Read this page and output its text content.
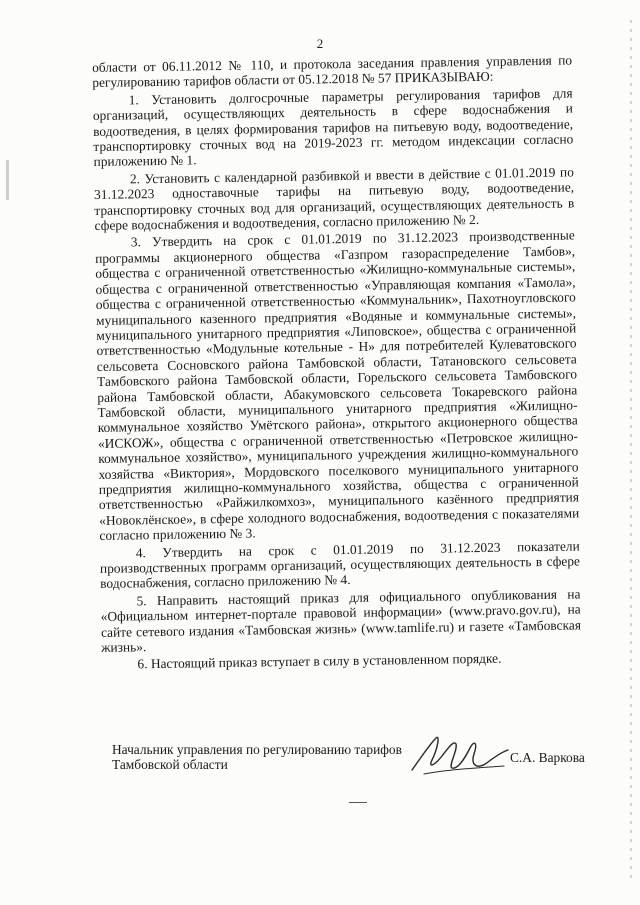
2

области от 06.11.2012 № 110, и протокола заседания правления управления по регулированию тарифов области от 05.12.2018 № 57 ПРИКАЗЫВАЮ:

1. Установить долгосрочные параметры регулирования тарифов для организаций, осуществляющих деятельность в сфере водоснабжения и водоотведения, в целях формирования тарифов на питьевую воду, водоотведение, транспортировку сточных вод на 2019-2023 гг. методом индексации согласно приложению № 1.

2. Установить с календарной разбивкой и ввести в действие с 01.01.2019 по 31.12.2023 одноставочные тарифы на питьевую воду, водоотведение, транспортировку сточных вод для организаций, осуществляющих деятельность в сфере водоснабжения и водоотведения, согласно приложению № 2.

3. Утвердить на срок с 01.01.2019 по 31.12.2023 производственные программы акционерного общества «Газпром газораспределение Тамбов», общества с ограниченной ответственностью «Жилищно-коммунальные системы», общества с ограниченной ответственностью «Управляющая компания «Тамола», общества с ограниченной ответственностью «Коммунальник», Пахотноугловского муниципального казенного предприятия «Водяные и коммунальные системы», муниципального унитарного предприятия «Липовское», общества с ограниченной ответственностью «Модульные котельные - Н» для потребителей Кулеватовского сельсовета Сосновского района Тамбовской области, Татановского сельсовета Тамбовского района Тамбовской области, Горельского сельсовета Тамбовского района Тамбовской области, Абакумовского сельсовета Токаревского района Тамбовской области, муниципального унитарного предприятия «Жилищно-коммунальное хозяйство Умётского района», открытого акционерного общества «ИСКОЖ», общества с ограниченной ответственностью «Петровское жилищно-коммунальное хозяйство», муниципального учреждения жилищно-коммунального хозяйства «Виктория», Мордовского поселкового муниципального унитарного предприятия жилищно-коммунального хозяйства, общества с ограниченной ответственностью «Райжилкомхоз», муниципального казённого предприятия «Новоклёнское», в сфере холодного водоснабжения, водоотведения с показателями согласно приложению № 3.

4. Утвердить на срок с 01.01.2019 по 31.12.2023 показатели производственных программ организаций, осуществляющих деятельность в сфере водоснабжения, согласно приложению № 4.

5. Направить настоящий приказ для официального опубликования на «Официальном интернет-портале правовой информации» (www.pravo.gov.ru), на сайте сетевого издания «Тамбовская жизнь» (www.tamlife.ru) и газете «Тамбовская жизнь».

6. Настоящий приказ вступает в силу в установленном порядке.

Начальник управления по регулированию тарифов Тамбовской области	С.А. Варкова
